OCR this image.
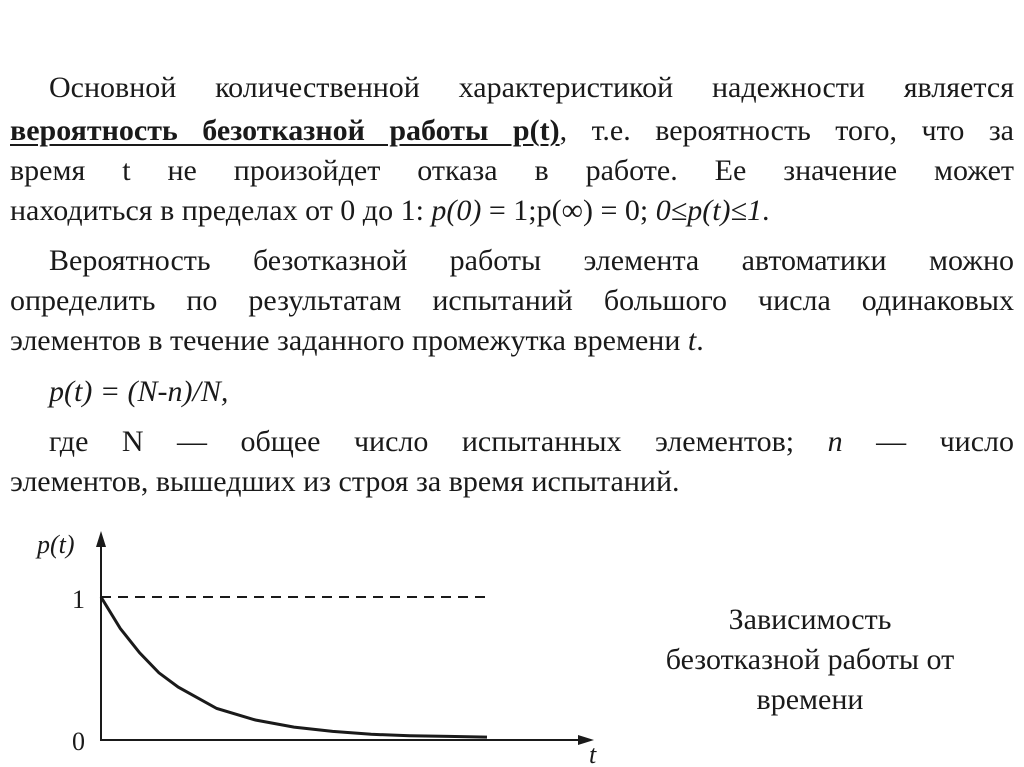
Основной количественной характеристикой надежности является
вероятность безотказной работы р(t), т.е. вероятность того, что за
время t не произойдет отказа в работе. Ее значение может
находиться в пределах от 0 до 1: p(0) = 1;р(∞) = 0; 0≤p(t)≤1.
Вероятность безотказной работы элемента автоматики можно
определить по результатам испытаний большого числа одинаковых
элементов в течение заданного промежутка времени t.
p(t) = (N-n)/N,
где N — общее число испытанных элементов; n — число
элементов, вышедших из строя за время испытаний.
p(t)
t
1
0
Зависимость
безотказной работы от
времени
